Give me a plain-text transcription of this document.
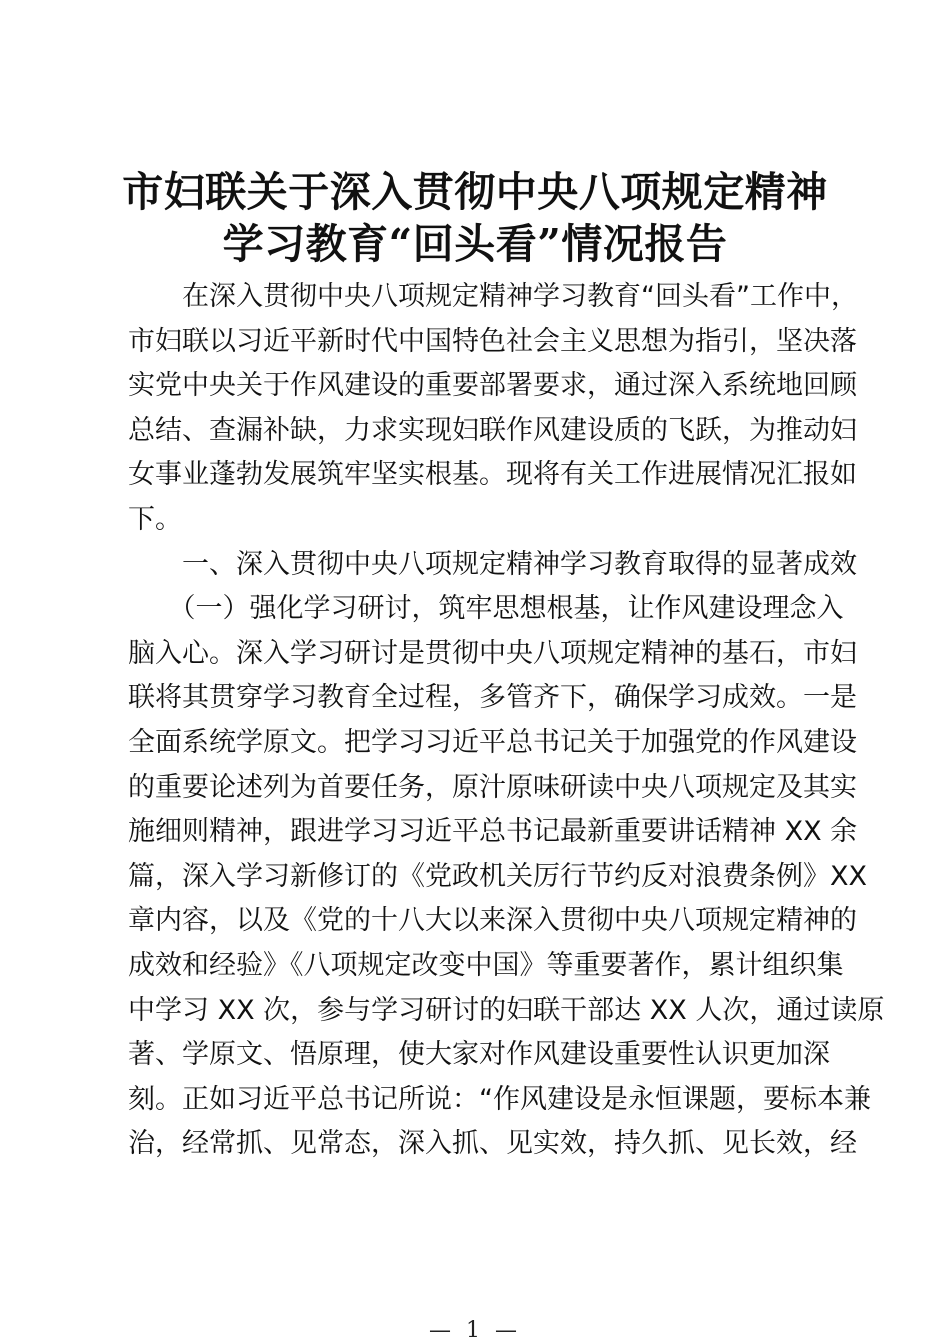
市妇联关于深入贯彻中央八项规定精神
学习教育“回头看”情况报告

　　在深入贯彻中央八项规定精神学习教育“回头看”工作中，

市妇联以习近平新时代中国特色社会主义思想为指引，坚决落

实党中央关于作风建设的重要部署要求，通过深入系统地回顾

总结、查漏补缺，力求实现妇联作风建设质的飞跃，为推动妇

女事业蓬勃发展筑牢坚实根基。现将有关工作进展情况汇报如

下。

　　一、深入贯彻中央八项规定精神学习教育取得的显著成效

　　（一）强化学习研讨，筑牢思想根基，让作风建设理念入

脑入心。深入学习研讨是贯彻中央八项规定精神的基石，市妇

联将其贯穿学习教育全过程，多管齐下，确保学习成效。一是

全面系统学原文。把学习习近平总书记关于加强党的作风建设

的重要论述列为首要任务，原汁原味研读中央八项规定及其实

施细则精神，跟进学习习近平总书记最新重要讲话精神 XX 余

篇，深入学习新修订的《党政机关厉行节约反对浪费条例》XX

章内容，以及《党的十八大以来深入贯彻中央八项规定精神的

成效和经验》《八项规定改变中国》等重要著作，累计组织集

中学习 XX 次，参与学习研讨的妇联干部达 XX 人次，通过读原

著、学原文、悟原理，使大家对作风建设重要性认识更加深

刻。正如习近平总书记所说：“作风建设是永恒课题，要标本兼

治，经常抓、见常态，深入抓、见实效，持久抓、见长效，经

— 1 —
